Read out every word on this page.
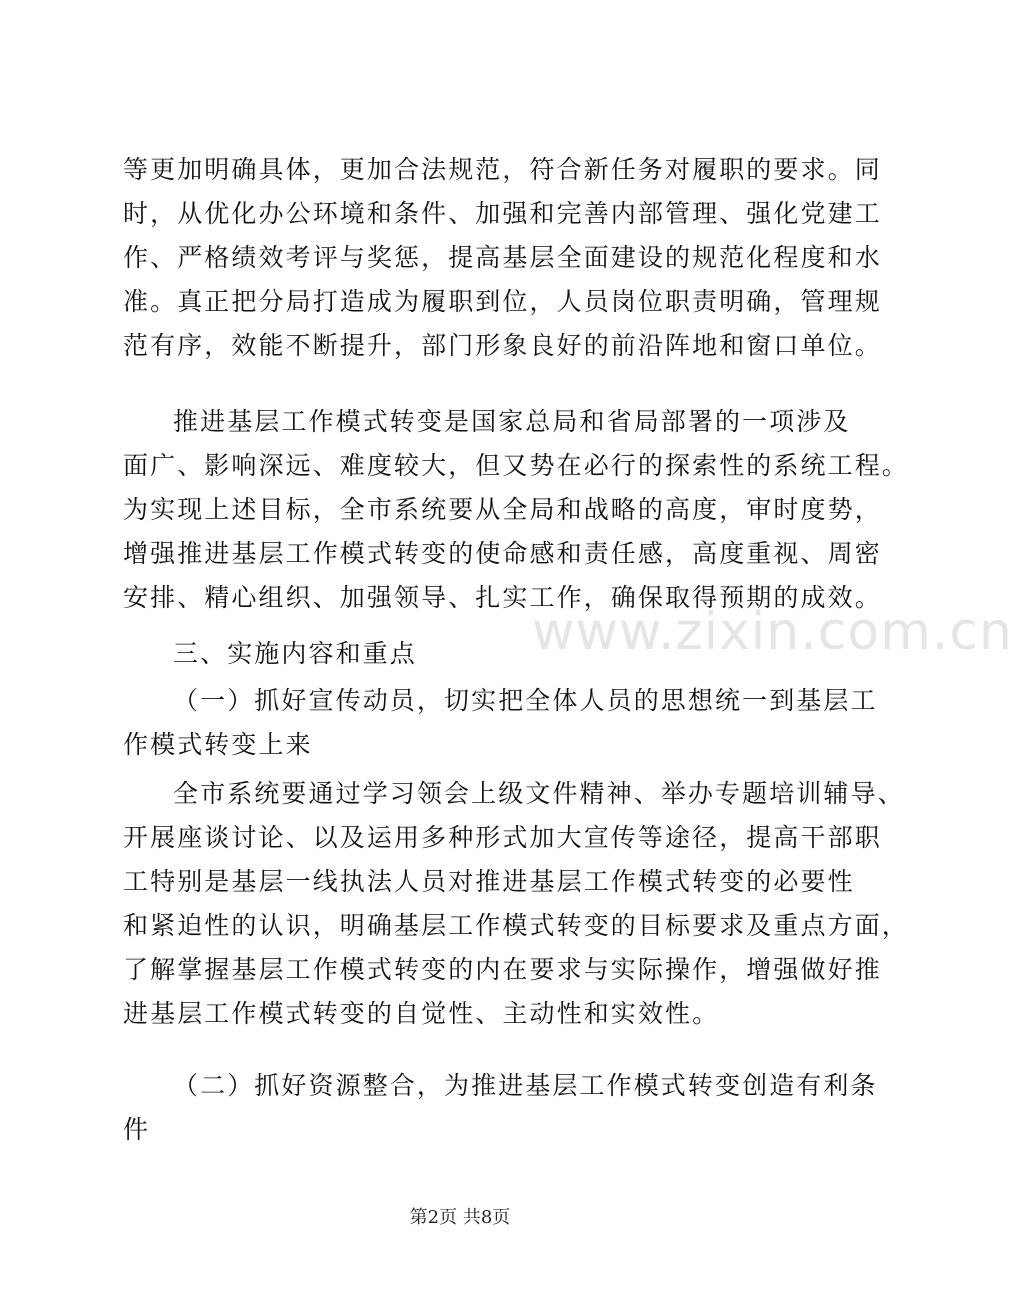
等更加明确具体，更加合法规范，符合新任务对履职的要求。同
时，从优化办公环境和条件、加强和完善内部管理、强化党建工
作、严格绩效考评与奖惩，提高基层全面建设的规范化程度和水
准。真正把分局打造成为履职到位，人员岗位职责明确，管理规
范有序，效能不断提升，部门形象良好的前沿阵地和窗口单位。
推进基层工作模式转变是国家总局和省局部署的一项涉及
面广、影响深远、难度较大，但又势在必行的探索性的系统工程。
为实现上述目标，全市系统要从全局和战略的高度，审时度势，
增强推进基层工作模式转变的使命感和责任感，高度重视、周密
安排、精心组织、加强领导、扎实工作，确保取得预期的成效。
三、实施内容和重点
（一）抓好宣传动员，切实把全体人员的思想统一到基层工
作模式转变上来
全市系统要通过学习领会上级文件精神、举办专题培训辅导、
开展座谈讨论、以及运用多种形式加大宣传等途径，提高干部职
工特别是基层一线执法人员对推进基层工作模式转变的必要性
和紧迫性的认识，明确基层工作模式转变的目标要求及重点方面，
了解掌握基层工作模式转变的内在要求与实际操作，增强做好推
进基层工作模式转变的自觉性、主动性和实效性。
（二）抓好资源整合，为推进基层工作模式转变创造有利条
件
www.zixin.com.cn
第2页 共8页
